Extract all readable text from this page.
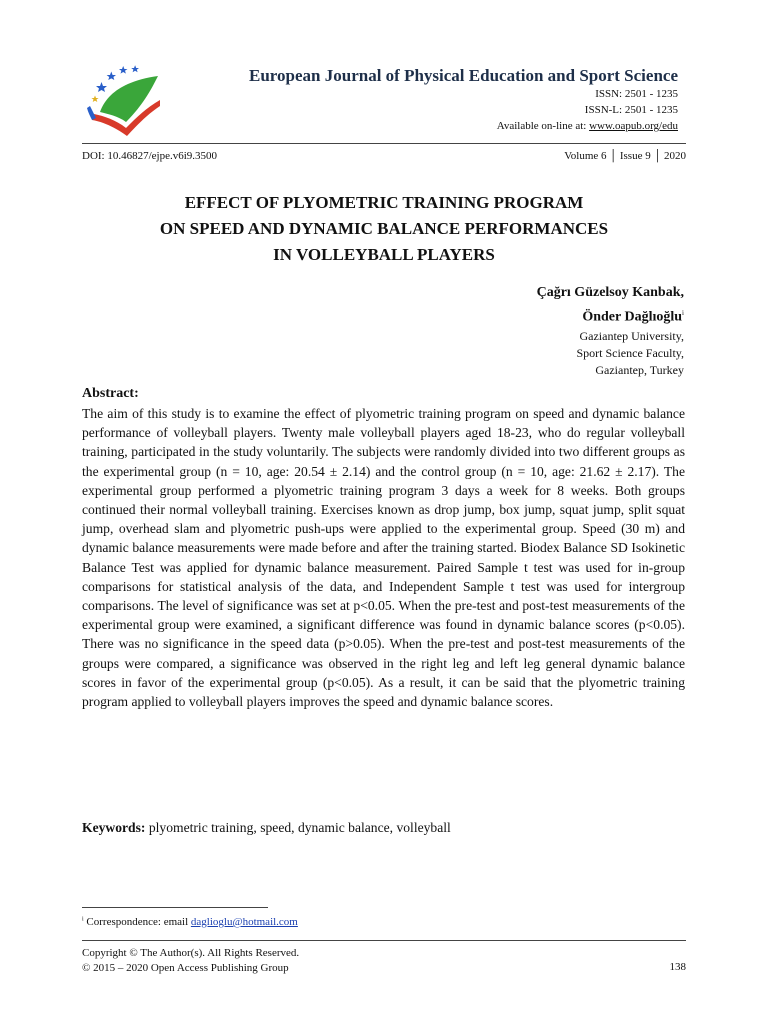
European Journal of Physical Education and Sport Science
ISSN: 2501 - 1235
ISSN-L: 2501 - 1235
Available on-line at: www.oapub.org/edu
DOI: 10.46827/ejpe.v6i9.3500	Volume 6 │ Issue 9 │ 2020
EFFECT OF PLYOMETRIC TRAINING PROGRAM
ON SPEED AND DYNAMIC BALANCE PERFORMANCES
IN VOLLEYBALL PLAYERS
Çağrı Güzelsoy Kanbak,
Önder Dağlıoğlu$^i$
Gaziantep University,
Sport Science Faculty,
Gaziantep, Turkey
Abstract:

The aim of this study is to examine the effect of plyometric training program on speed and dynamic balance performance of volleyball players. Twenty male volleyball players aged 18-23, who do regular volleyball training, participated in the study voluntarily. The subjects were randomly divided into two different groups as the experimental group (n = 10, age: 20.54 ± 2.14) and the control group (n = 10, age: 21.62 ± 2.17). The experimental group performed a plyometric training program 3 days a week for 8 weeks. Both groups continued their normal volleyball training. Exercises known as drop jump, box jump, squat jump, split squat jump, overhead slam and plyometric push-ups were applied to the experimental group. Speed (30 m) and dynamic balance measurements were made before and after the training started. Biodex Balance SD Isokinetic Balance Test was applied for dynamic balance measurement. Paired Sample t test was used for in-group comparisons for statistical analysis of the data, and Independent Sample t test was used for intergroup comparisons. The level of significance was set at p<0.05. When the pre-test and post-test measurements of the experimental group were examined, a significant difference was found in dynamic balance scores (p<0.05). There was no significance in the speed data (p>0.05). When the pre-test and post-test measurements of the groups were compared, a significance was observed in the right leg and left leg general dynamic balance scores in favor of the experimental group (p<0.05). As a result, it can be said that the plyometric training program applied to volleyball players improves the speed and dynamic balance scores.

Keywords: plyometric training, speed, dynamic balance, volleyball
$^i$ Correspondence: email daglioglu@hotmail.com
Copyright © The Author(s). All Rights Reserved.
© 2015 – 2020 Open Access Publishing Group	138
